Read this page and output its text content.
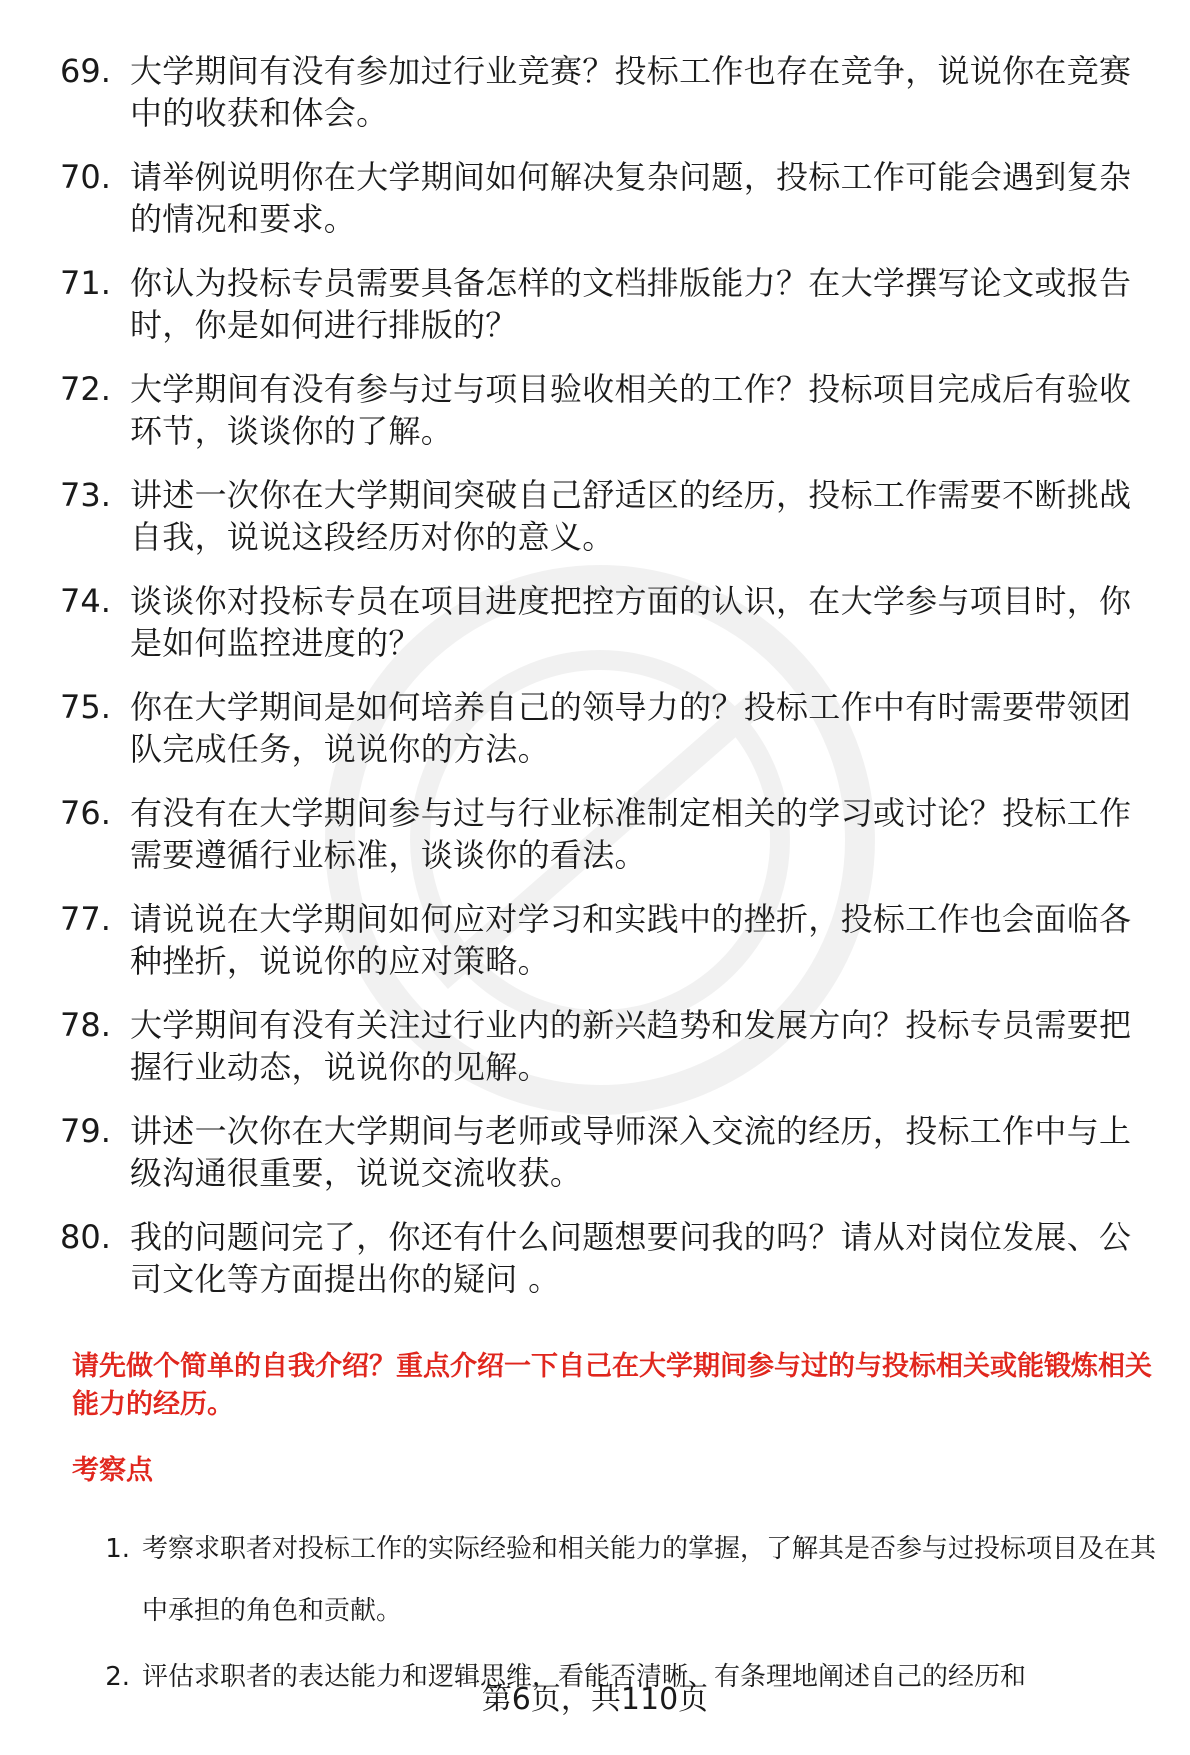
69. 大学期间有没有参加过行业竞赛？投标工作也存在竞争，说说你在竞赛中的收获和体会。
70. 请举例说明你在大学期间如何解决复杂问题，投标工作可能会遇到复杂的情况和要求。
71. 你认为投标专员需要具备怎样的文档排版能力？在大学撰写论文或报告时，你是如何进行排版的？
72. 大学期间有没有参与过与项目验收相关的工作？投标项目完成后有验收环节，谈谈你的了解。
73. 讲述一次你在大学期间突破自己舒适区的经历，投标工作需要不断挑战自我，说说这段经历对你的意义。
74. 谈谈你对投标专员在项目进度把控方面的认识，在大学参与项目时，你是如何监控进度的？
75. 你在大学期间是如何培养自己的领导力的？投标工作中有时需要带领团队完成任务，说说你的方法。
76. 有没有在大学期间参与过与行业标准制定相关的学习或讨论？投标工作需要遵循行业标准，谈谈你的看法。
77. 请说说在大学期间如何应对学习和实践中的挫折，投标工作也会面临各种挫折，说说你的应对策略。
78. 大学期间有没有关注过行业内的新兴趋势和发展方向？投标专员需要把握行业动态，说说你的见解。
79. 讲述一次你在大学期间与老师或导师深入交流的经历，投标工作中与上级沟通很重要，说说交流收获。
80. 我的问题问完了，你还有什么问题想要问我的吗？请从对岗位发展、公司文化等方面提出你的疑问 。
请先做个简单的自我介绍？重点介绍一下自己在大学期间参与过的与投标相关或能锻炼相关能力的经历。
考察点
1. 考察求职者对投标工作的实际经验和相关能力的掌握，了解其是否参与过投标项目及在其中承担的角色和贡献。
2. 评估求职者的表达能力和逻辑思维，看能否清晰、有条理地阐述自己的经历和
第6页，共110页
